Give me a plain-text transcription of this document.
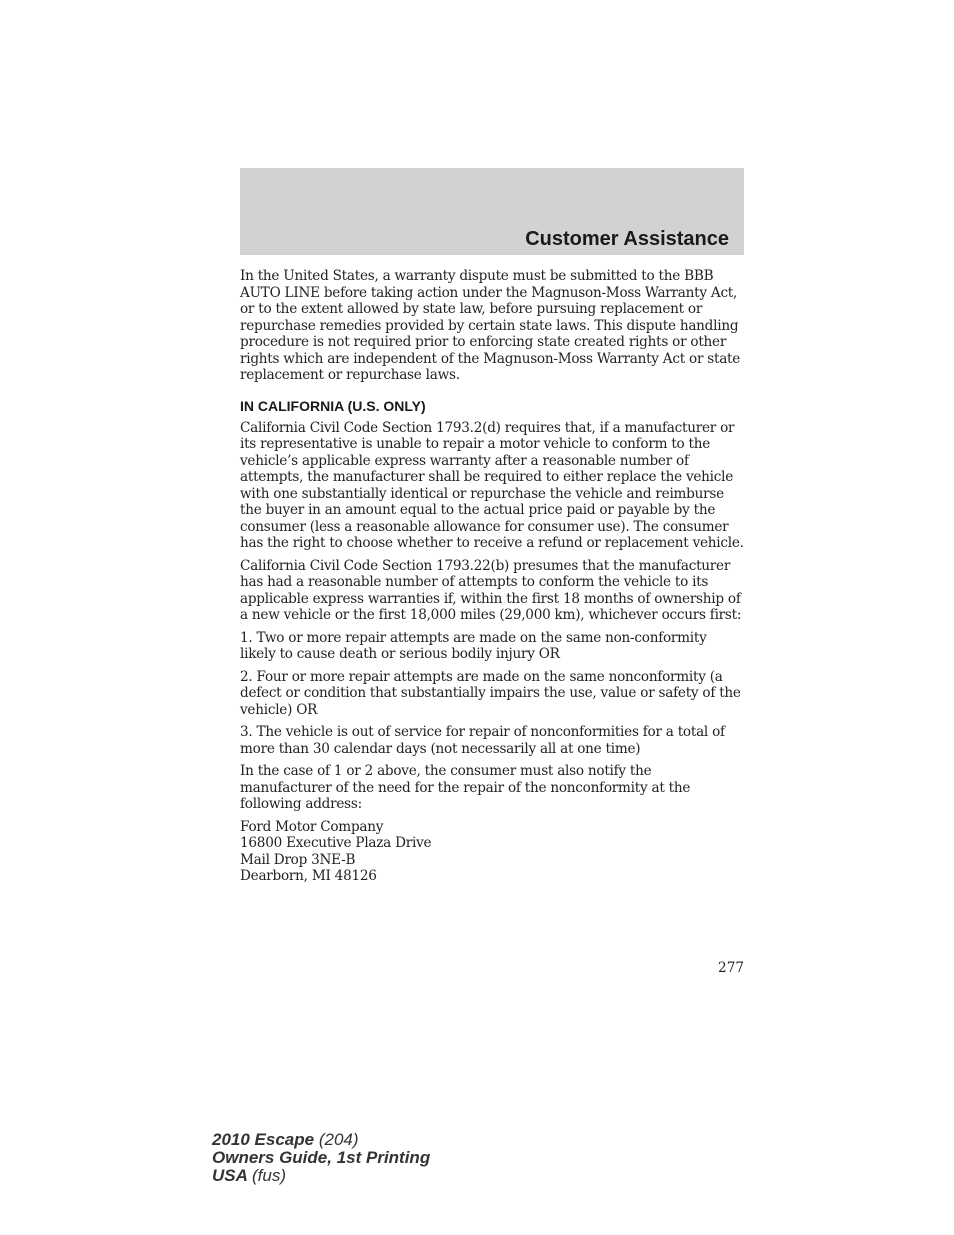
Customer Assistance

In the United States, a warranty dispute must be submitted to the BBB AUTO LINE before taking action under the Magnuson-Moss Warranty Act, or to the extent allowed by state law, before pursuing replacement or repurchase remedies provided by certain state laws. This dispute handling procedure is not required prior to enforcing state created rights or other rights which are independent of the Magnuson-Moss Warranty Act or state replacement or repurchase laws.

IN CALIFORNIA (U.S. ONLY)

California Civil Code Section 1793.2(d) requires that, if a manufacturer or its representative is unable to repair a motor vehicle to conform to the vehicle’s applicable express warranty after a reasonable number of attempts, the manufacturer shall be required to either replace the vehicle with one substantially identical or repurchase the vehicle and reimburse the buyer in an amount equal to the actual price paid or payable by the consumer (less a reasonable allowance for consumer use). The consumer has the right to choose whether to receive a refund or replacement vehicle.

California Civil Code Section 1793.22(b) presumes that the manufacturer has had a reasonable number of attempts to conform the vehicle to its applicable express warranties if, within the first 18 months of ownership of a new vehicle or the first 18,000 miles (29,000 km), whichever occurs first:

1. Two or more repair attempts are made on the same non-conformity likely to cause death or serious bodily injury OR

2. Four or more repair attempts are made on the same nonconformity (a defect or condition that substantially impairs the use, value or safety of the vehicle) OR

3. The vehicle is out of service for repair of nonconformities for a total of more than 30 calendar days (not necessarily all at one time)

In the case of 1 or 2 above, the consumer must also notify the manufacturer of the need for the repair of the nonconformity at the following address:

Ford Motor Company
16800 Executive Plaza Drive
Mail Drop 3NE-B
Dearborn, MI 48126

277
2010 Escape (204)
Owners Guide, 1st Printing
USA (fus)
